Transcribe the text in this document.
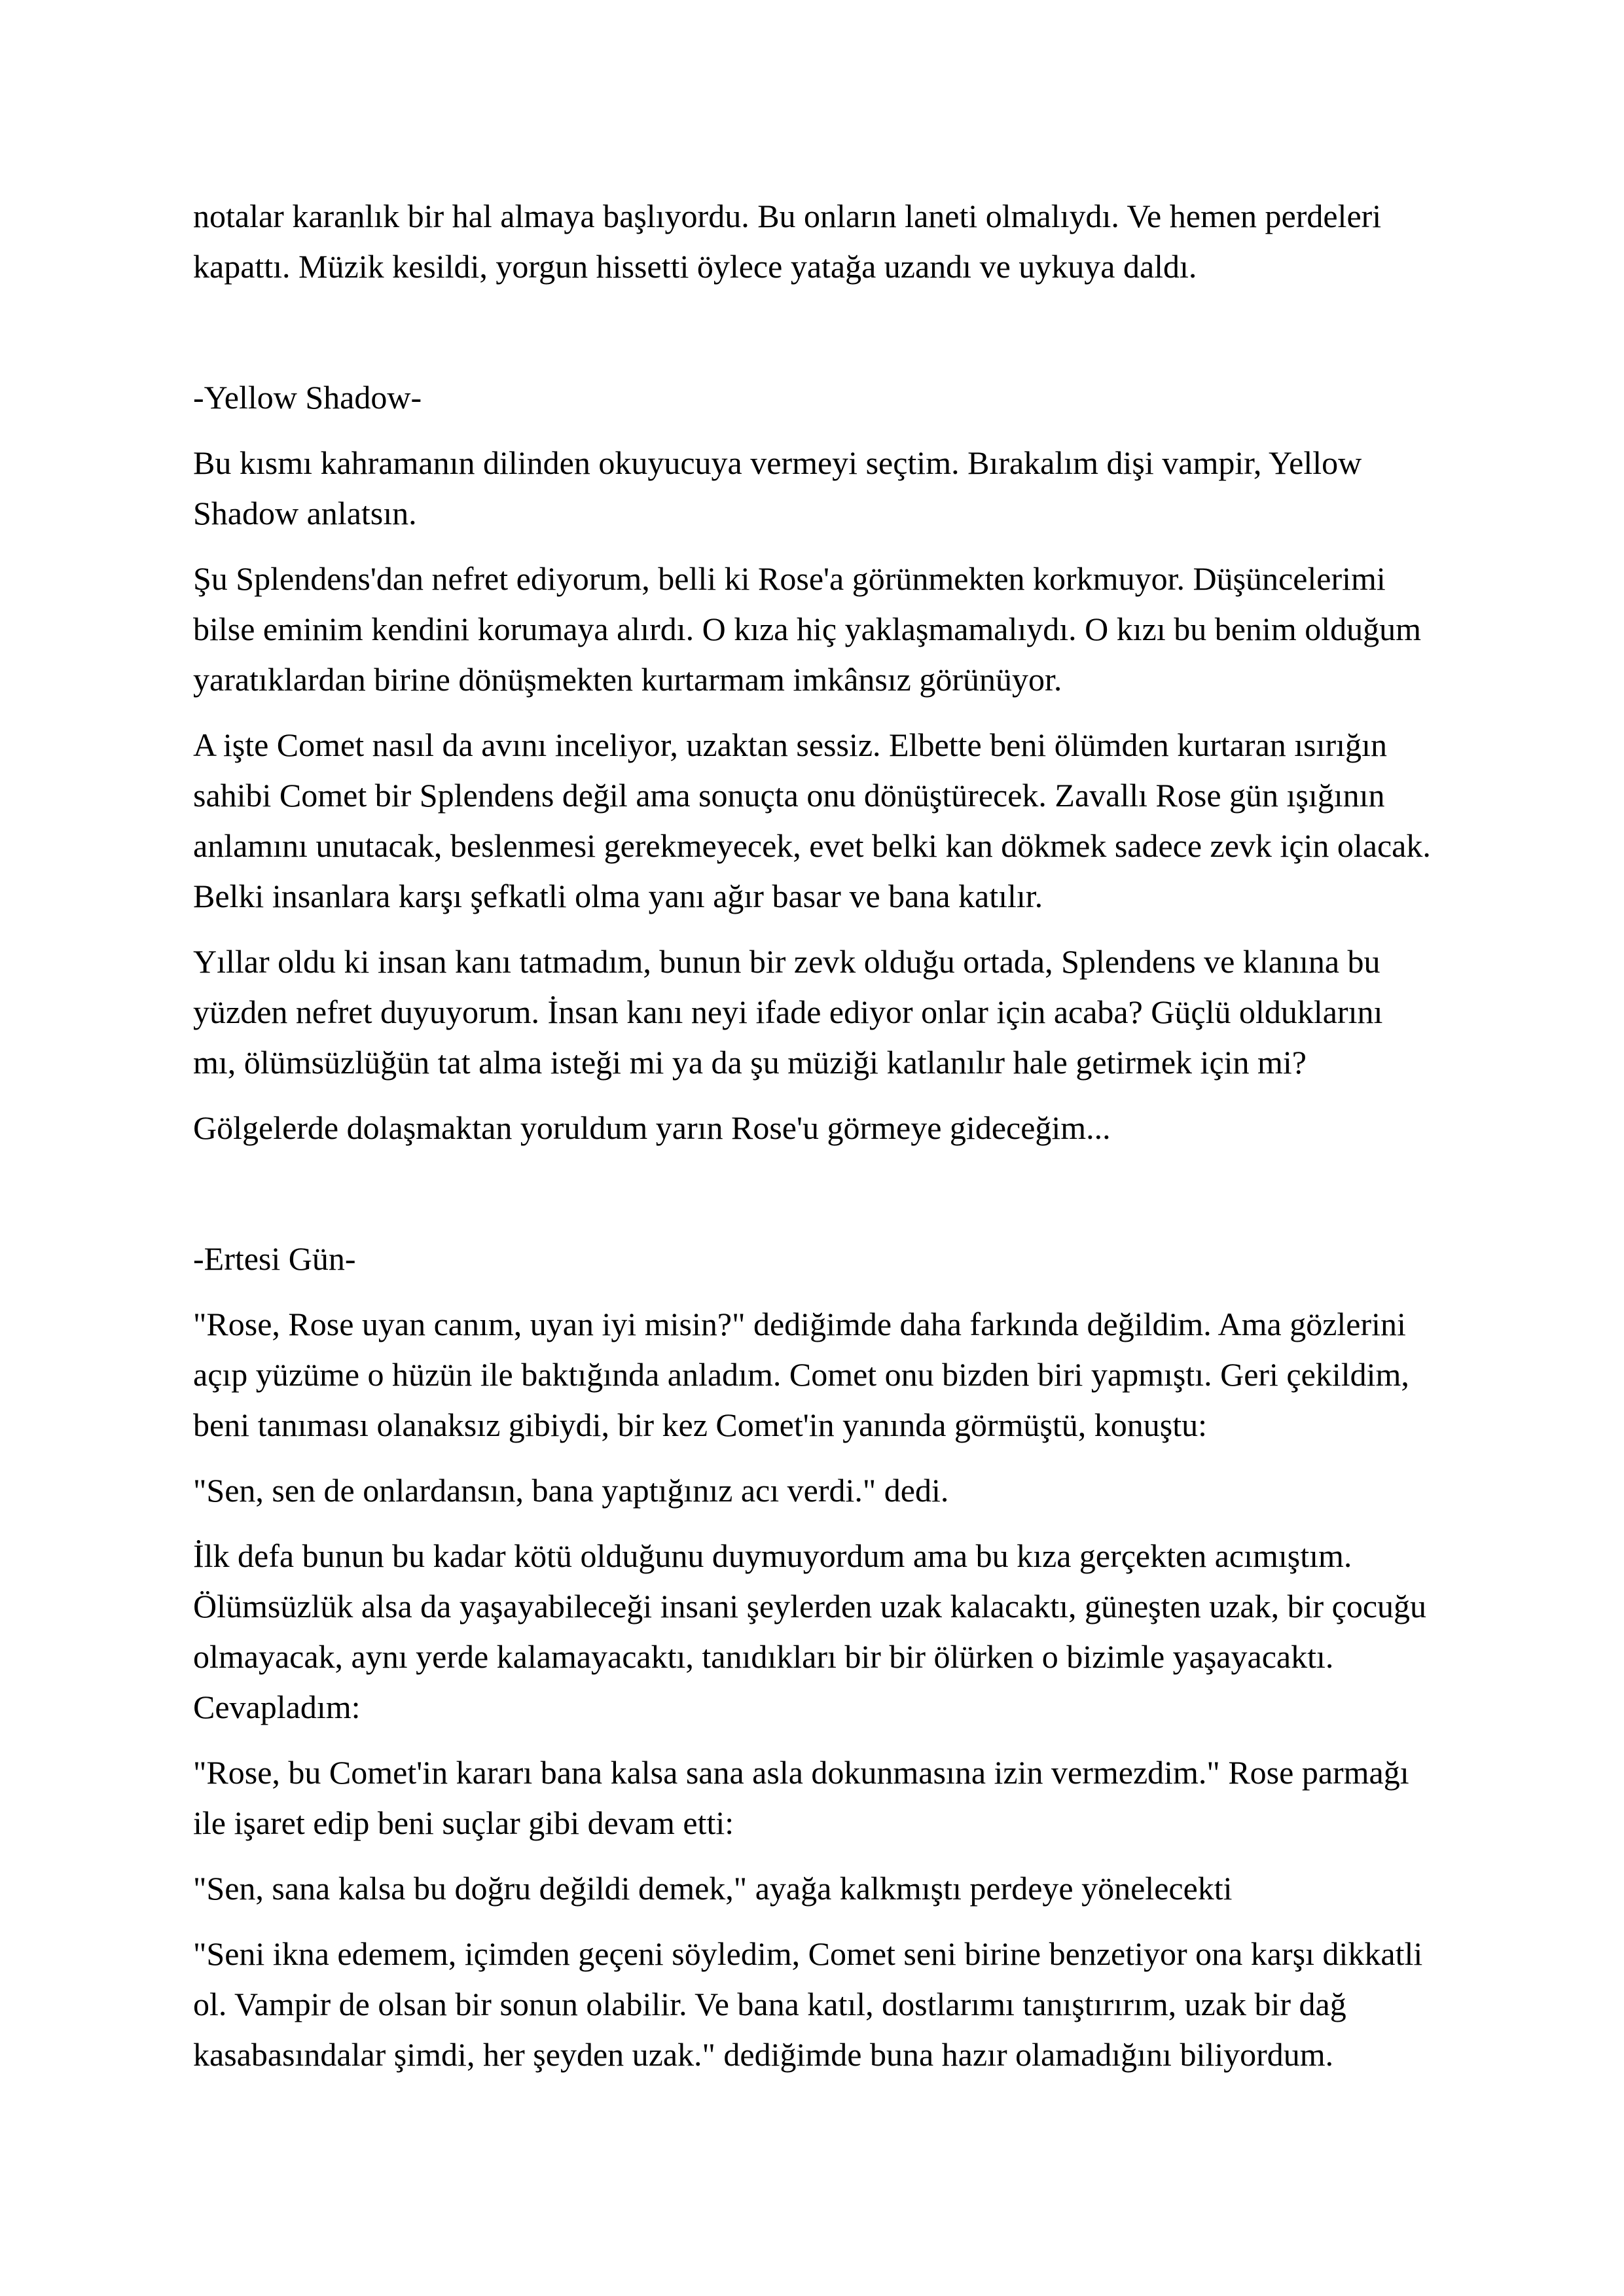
notalar karanlık bir hal almaya başlıyordu. Bu onların laneti olmalıydı. Ve hemen perdeleri kapattı. Müzik kesildi, yorgun hissetti öylece yatağa uzandı ve uykuya daldı.

-Yellow Shadow-

Bu kısmı kahramanın dilinden okuyucuya vermeyi seçtim. Bırakalım dişi vampir, Yellow Shadow anlatsın.

Şu Splendens'dan nefret ediyorum, belli ki Rose'a görünmekten korkmuyor. Düşüncelerimi bilse eminim kendini korumaya alırdı. O kıza hiç yaklaşmamalıydı. O kızı bu benim olduğum yaratıklardan birine dönüşmekten kurtarmam imkânsız görünüyor.

A işte Comet nasıl da avını inceliyor, uzaktan sessiz. Elbette beni ölümden kurtaran ısırığın sahibi Comet bir Splendens değil ama sonuçta onu dönüştürecek. Zavallı Rose gün ışığının anlamını unutacak, beslenmesi gerekmeyecek, evet belki kan dökmek sadece zevk için olacak. Belki insanlara karşı şefkatli olma yanı ağır basar ve bana katılır.

Yıllar oldu ki insan kanı tatmadım, bunun bir zevk olduğu ortada, Splendens ve klanına bu yüzden nefret duyuyorum. İnsan kanı neyi ifade ediyor onlar için acaba? Güçlü olduklarını mı, ölümsüzlüğün tat alma isteği mi ya da şu müziği katlanılır hale getirmek için mi?

Gölgelerde dolaşmaktan yoruldum yarın Rose'u görmeye gideceğim...

-Ertesi Gün-

"Rose, Rose uyan canım, uyan iyi misin?" dediğimde daha farkında değildim. Ama gözlerini açıp yüzüme o hüzün ile baktığında anladım. Comet onu bizden biri yapmıştı. Geri çekildim, beni tanıması olanaksız gibiydi, bir kez Comet'in yanında görmüştü, konuştu:

"Sen, sen de onlardansın, bana yaptığınız acı verdi." dedi.

İlk defa bunun bu kadar kötü olduğunu duymuyordum ama bu kıza gerçekten acımıştım. Ölümsüzlük alsa da yaşayabileceği insani şeylerden uzak kalacaktı, güneşten uzak, bir çocuğu olmayacak, aynı yerde kalamayacaktı, tanıdıkları bir bir ölürken o bizimle yaşayacaktı. Cevapladım:

"Rose, bu Comet'in kararı bana kalsa sana asla dokunmasına izin vermezdim." Rose parmağı ile işaret edip beni suçlar gibi devam etti:

"Sen, sana kalsa bu doğru değildi demek," ayağa kalkmıştı perdeye yönelecekti

"Seni ikna edemem, içimden geçeni söyledim, Comet seni birine benzetiyor ona karşı dikkatli ol. Vampir de olsan bir sonun olabilir. Ve bana katıl, dostlarımı tanıştırırım, uzak bir dağ kasabasındalar şimdi, her şeyden uzak." dediğimde buna hazır olamadığını biliyordum.
